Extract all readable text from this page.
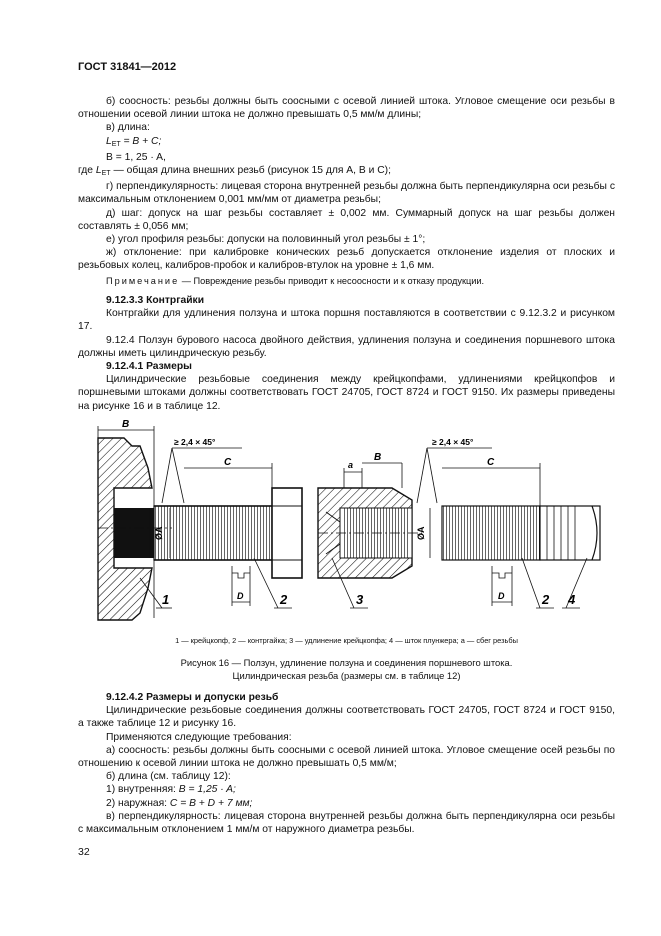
ГОСТ 31841—2012

б) соосность: резьбы должны быть соосными с осевой линией штока. Угловое смещение оси резьбы в отношении осевой линии штока не должно превышать 0,5 мм/м длины;

в) длина:

$L_{ET} = B + C$;

B = 1, 25 · A,

где $L_{ET}$ — общая длина внешних резьб (рисунок 15 для A, B и C);

г) перпендикулярность: лицевая сторона внутренней резьбы должна быть перпендикулярна оси резьбы с максимальным отклонением 0,001 мм/мм от диаметра резьбы;

д) шаг: допуск на шаг резьбы составляет ± 0,002 мм. Суммарный допуск на шаг резьбы должен составлять ± 0,056 мм;

е) угол профиля резьбы: допуски на половинный угол резьбы ± 1°;

ж) отклонение: при калибровке конических резьб допускается отклонение изделия от плоских и резьбовых колец, калибров-пробок и калибров-втулок на уровне ± 1,6 мм.

Примечание — Повреждение резьбы приводит к несоосности и к отказу продукции.

9.12.3.3 Контргайки

Контргайки для удлинения ползуна и штока поршня поставляются в соответствии с 9.12.3.2 и рисунком 17.

9.12.4 Ползун бурового насоса двойного действия, удлинения ползуна и соединения поршневого штока должны иметь цилиндрическую резьбу.

9.12.4.1 Размеры

Цилиндрические резьбовые соединения между крейцкопфами, удлинениями крейцкопфов и поршневыми штоками должны соответствовать ГОСТ 24705, ГОСТ 8724 и ГОСТ 9150. Их размеры приведены на рисунке 16 и в таблице 12.

B
≥ 2,4 × 45°
C
ØA
D
a
B
≥ 2,4 × 45°
C
ØA
D
1	2	3	2 4
1 — крейцкопф, 2 — контргайка; 3 — удлинение крейцкопфа; 4 — шток плунжера; a — сбег резьбы
Рисунок 16 — Ползун, удлинение ползуна и соединения поршневого штока.
Цилиндрическая резьба (размеры см. в таблице 12)

9.12.4.2 Размеры и допуски резьб

Цилиндрические резьбовые соединения должны соответствовать ГОСТ 24705, ГОСТ 8724 и ГОСТ 9150, а также таблице 12 и рисунку 16.

Применяются следующие требования:

а) соосность: резьбы должны быть соосными с осевой линией штока. Угловое смещение осей резьбы по отношению к осевой линии штока не должно превышать 0,5 мм/м;

б) длина (см. таблицу 12):

1) внутренняя: B = 1,25 · A;

2) наружная: C = B + D + 7 мм;

в) перпендикулярность: лицевая сторона внутренней резьбы должна быть перпендикулярна оси резьбы с максимальным отклонением 1 мм/м от наружного диаметра резьбы.

32
